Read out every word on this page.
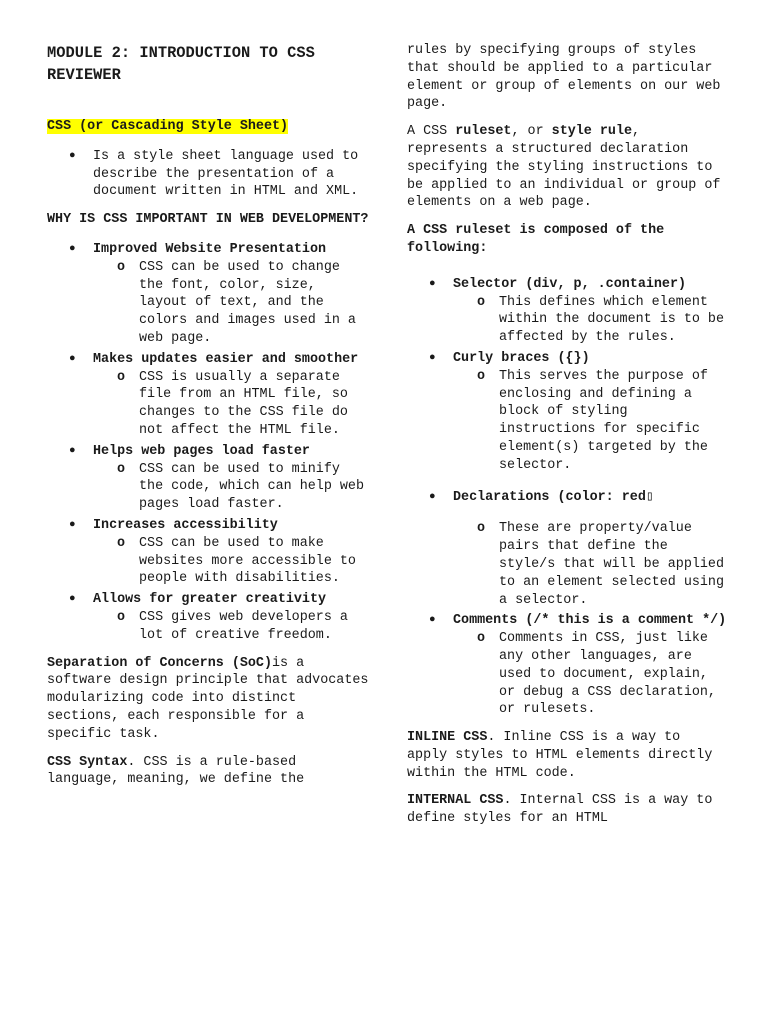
MODULE 2: INTRODUCTION TO CSS REVIEWER

CSS (or Cascading Style Sheet)

● Is a style sheet language used to describe the presentation of a document written in HTML and XML.

WHY IS CSS IMPORTANT IN WEB DEVELOPMENT?

● Improved Website Presentation
o CSS can be used to change the font, color, size, layout of text, and the colors and images used in a web page.
● Makes updates easier and smoother
o CSS is usually a separate file from an HTML file, so changes to the CSS file do not affect the HTML file.
● Helps web pages load faster
o CSS can be used to minify the code, which can help web pages load faster.
● Increases accessibility
o CSS can be used to make websites more accessible to people with disabilities.
● Allows for greater creativity
o CSS gives web developers a lot of creative freedom.

Separation of Concerns (SoC)is a software design principle that advocates modularizing code into distinct sections, each responsible for a specific task.

CSS Syntax. CSS is a rule-based language, meaning, we define the

rules by specifying groups of styles that should be applied to a particular element or group of elements on our web page.

A CSS ruleset, or style rule, represents a structured declaration specifying the styling instructions to be applied to an individual or group of elements on a web page.

A CSS ruleset is composed of the following:

● Selector (div, p, .container)
o This defines which element within the document is to be affected by the rules.
● Curly braces ({})
o This serves the purpose of enclosing and defining a block of styling instructions for specific element(s) targeted by the selector.
● Declarations (color: red▯
o These are property/value pairs that define the style/s that will be applied to an element selected using a selector.
● Comments (/* this is a comment */)
o Comments in CSS, just like any other languages, are used to document, explain, or debug a CSS declaration, or rulesets.

INLINE CSS. Inline CSS is a way to apply styles to HTML elements directly within the HTML code.

INTERNAL CSS. Internal CSS is a way to define styles for an HTML
